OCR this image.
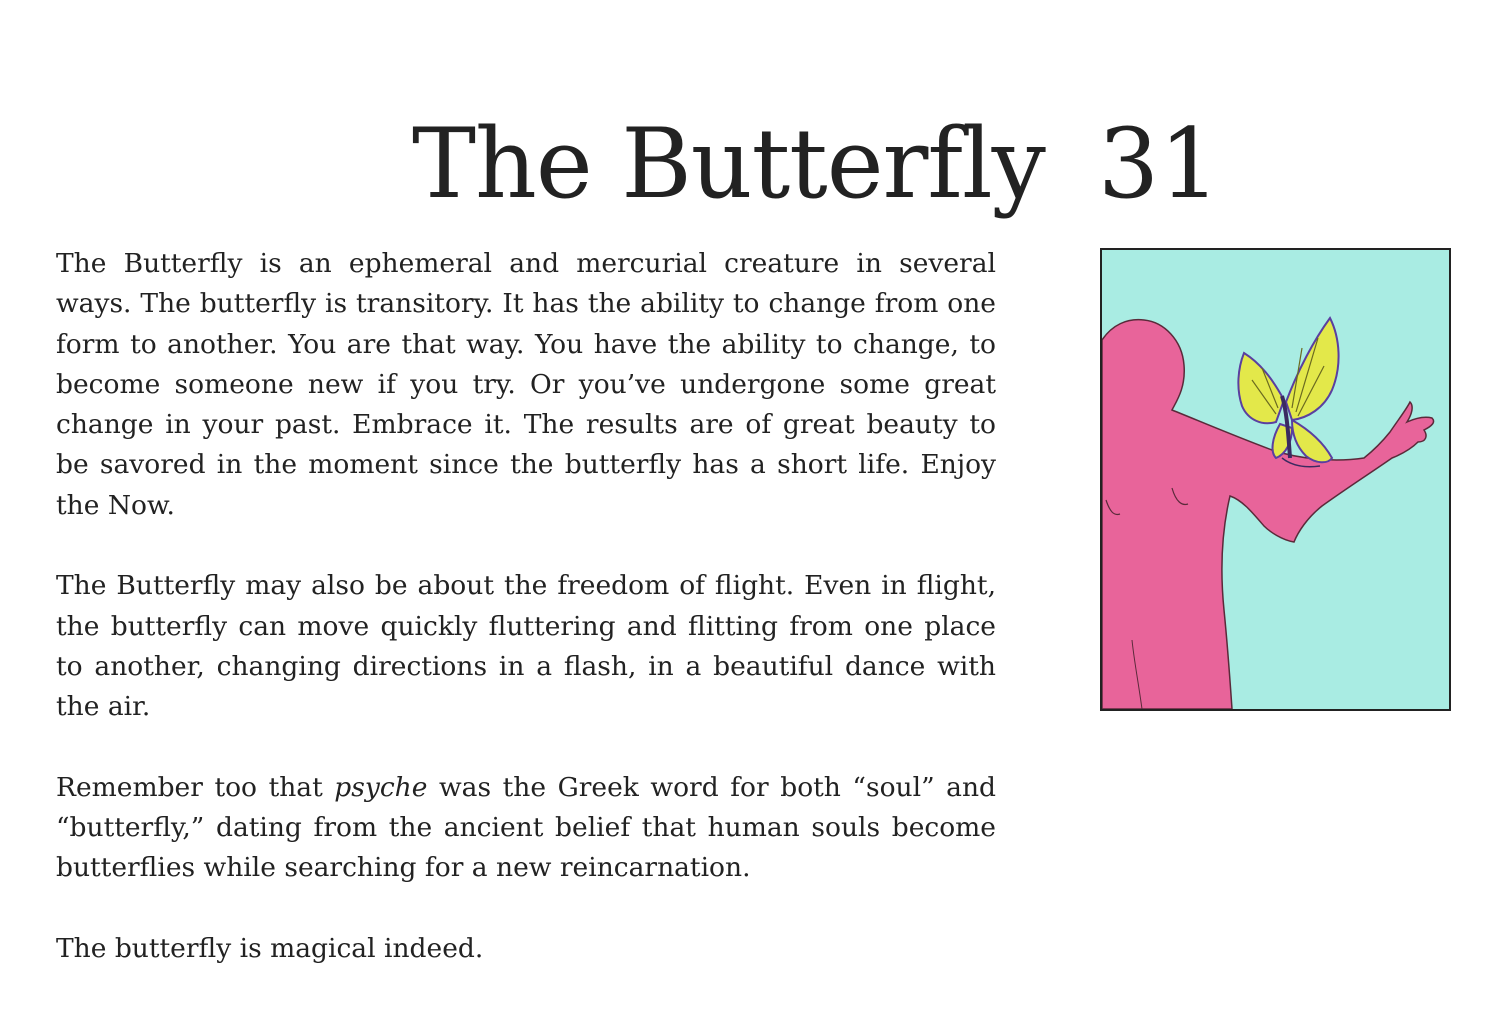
The Butterfly 31

The Butterfly is an ephemeral and mercurial creature in several ways. The butterfly is transitory. It has the ability to change from one form to another. You are that way. You have the ability to change, to become someone new if you try. Or you’ve undergone some great change in your past. Embrace it. The results are of great beauty to be savored in the moment since the butterfly has a short life. Enjoy the Now.

The Butterfly may also be about the freedom of flight. Even in flight, the butterfly can move quickly fluttering and flitting from one place to another, changing directions in a flash, in a beautiful dance with the air.

Remember too that psyche was the Greek word for both “soul” and “butterfly,” dating from the ancient belief that human souls become butterflies while searching for a new reincarnation.

The butterfly is magical indeed.
